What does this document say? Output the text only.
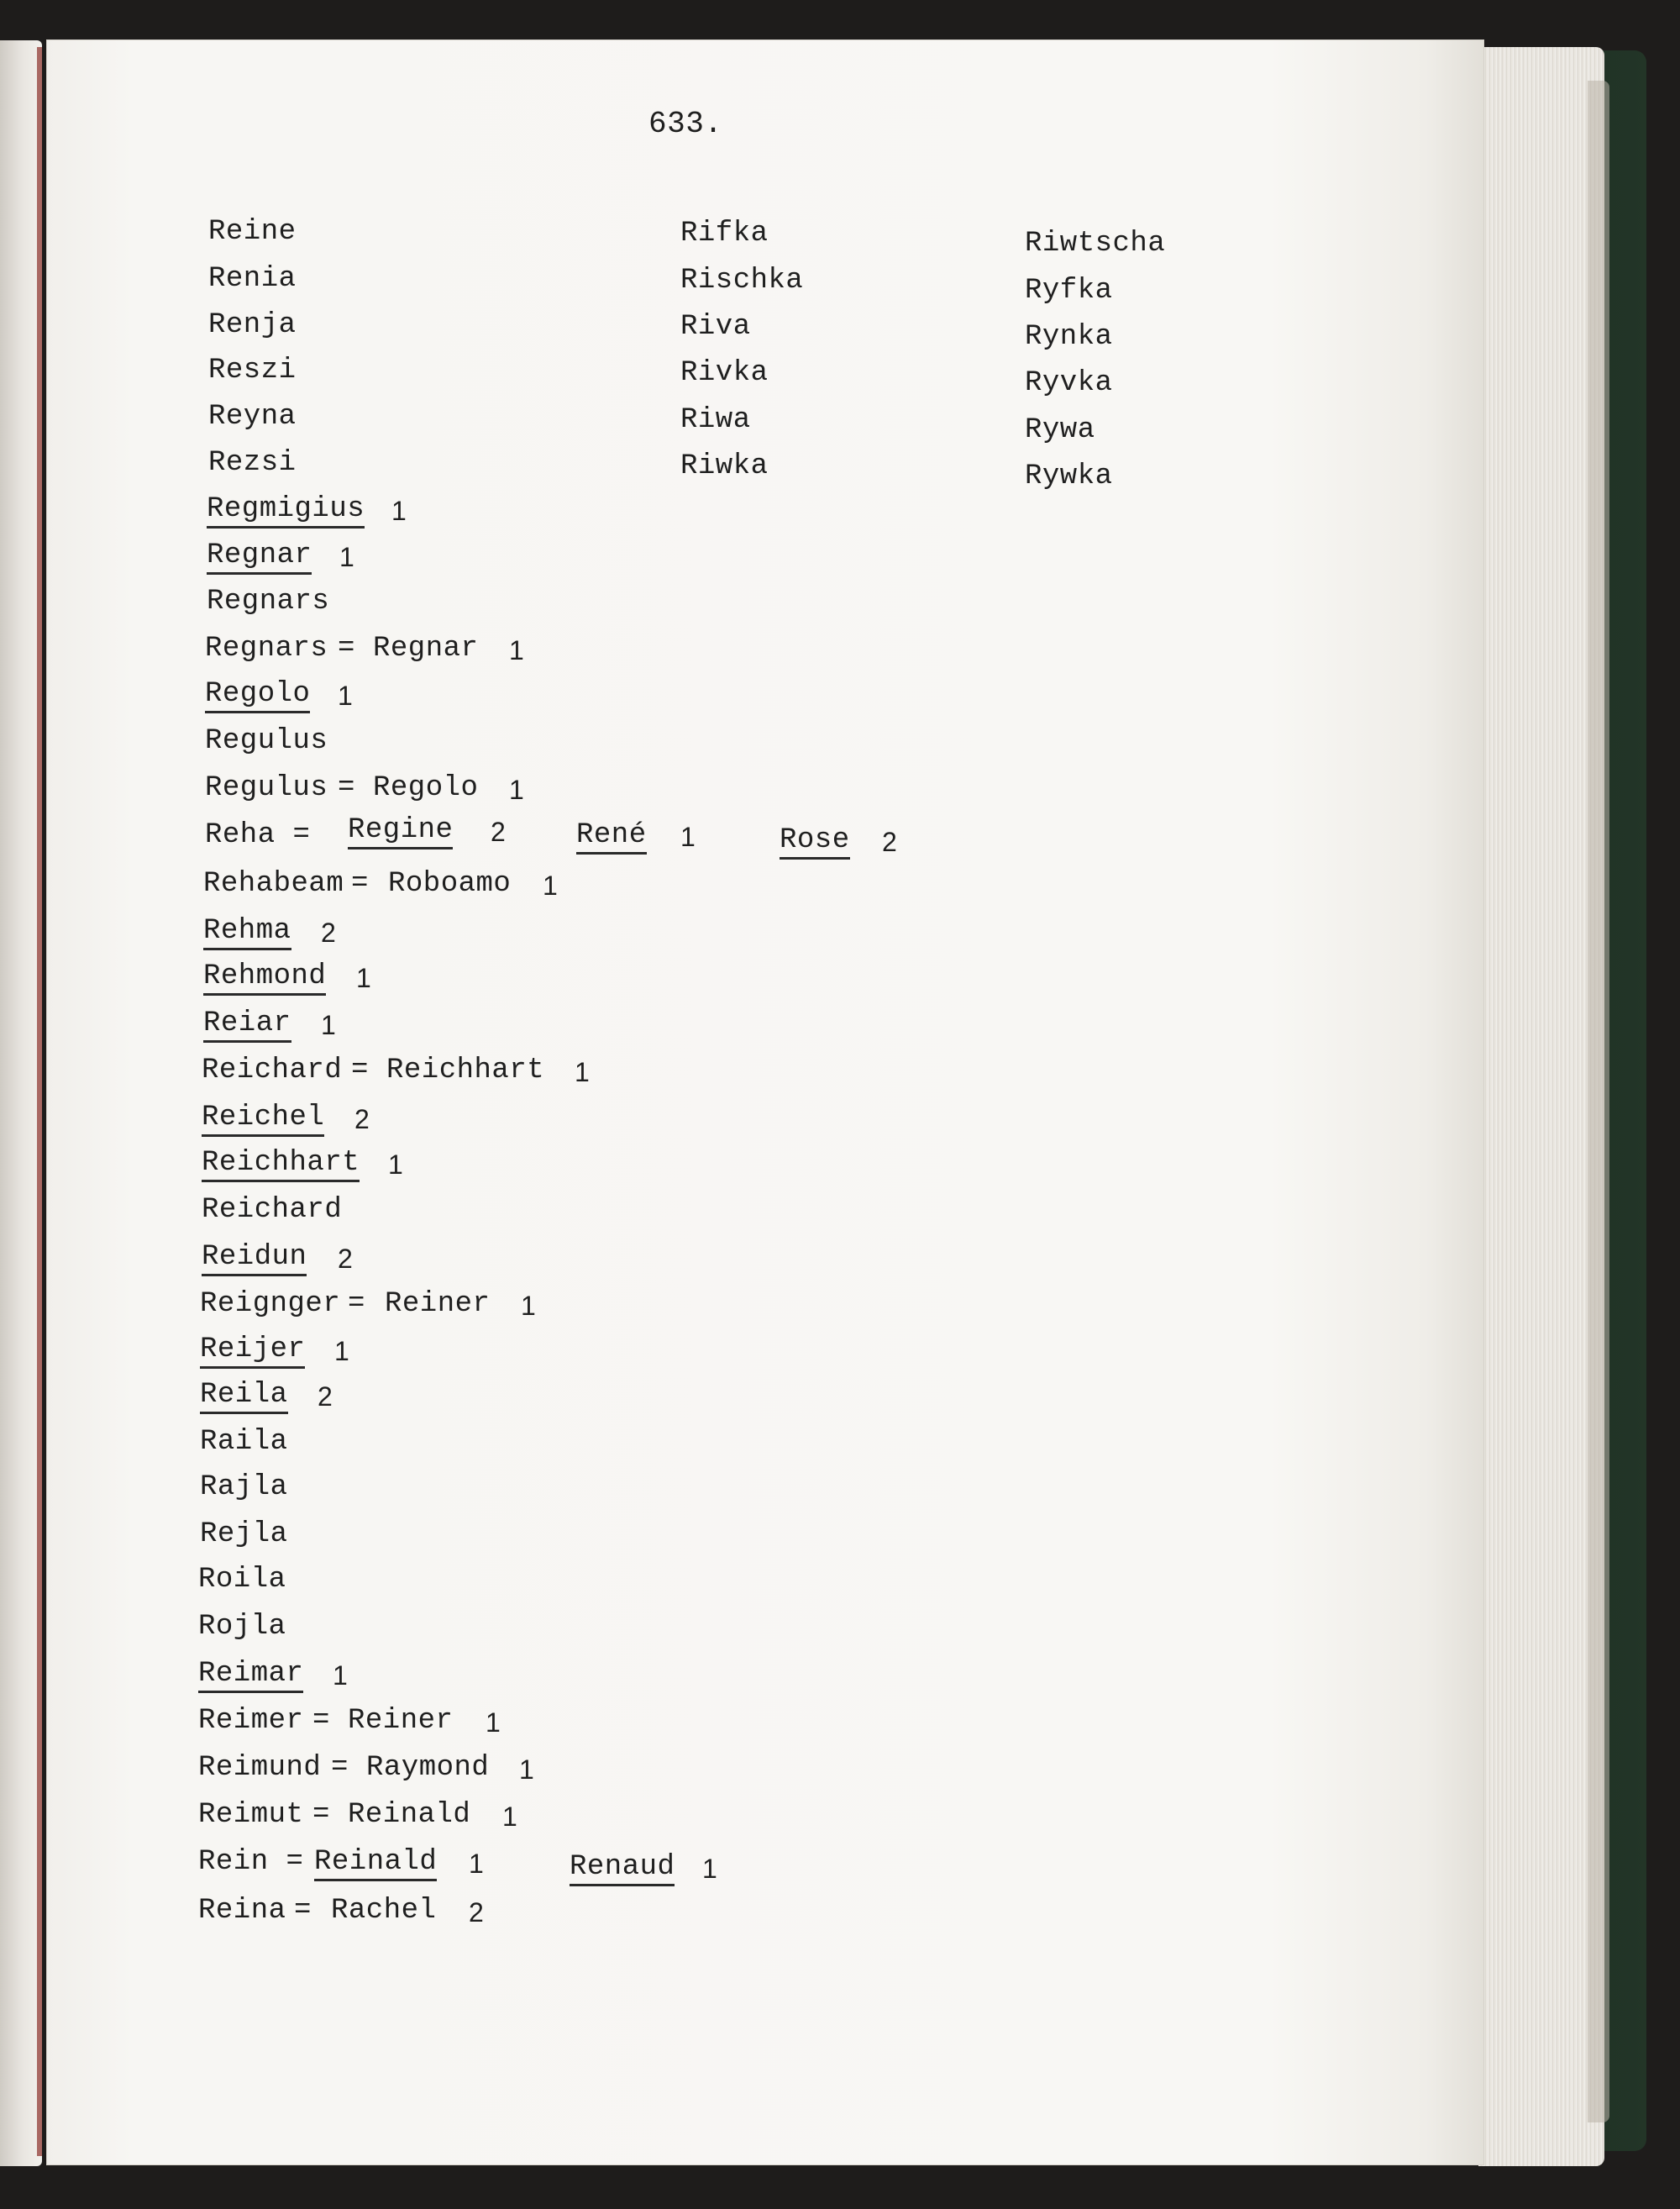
633.
Reine
Renia
Renja
Reszi
Reyna
Rezsi
Regmigius 1
Regnar 1
Regnars
Regnars = Regnar 1
Regolo 1
Regulus
Regulus = Regolo 1
Reha = Regine 2 René 1	Rose 2
Rehabeam = Roboamo 1
Rehma 2
Rehmond 1
Reiar 1
Reichard = Reichhart 1
Reichel 2
Reichhart 1
Reichard
Reidun 2
Reignger = Reiner 1
Reijer 1
Reila 2
Raila
Rajla
Rejla
Roila
Rojla
Reimar 1
Reimer = Reiner 1
Reimund = Raymond 1
Reimut = Reinald 1
Rein = Reinald 1	Renaud 1
Reina = Rachel 2
Rifka
Rischka
Riva
Rivka
Riwa
Riwka
Riwtscha
Ryfka
Rynka
Ryvka
Rywa
Rywka
